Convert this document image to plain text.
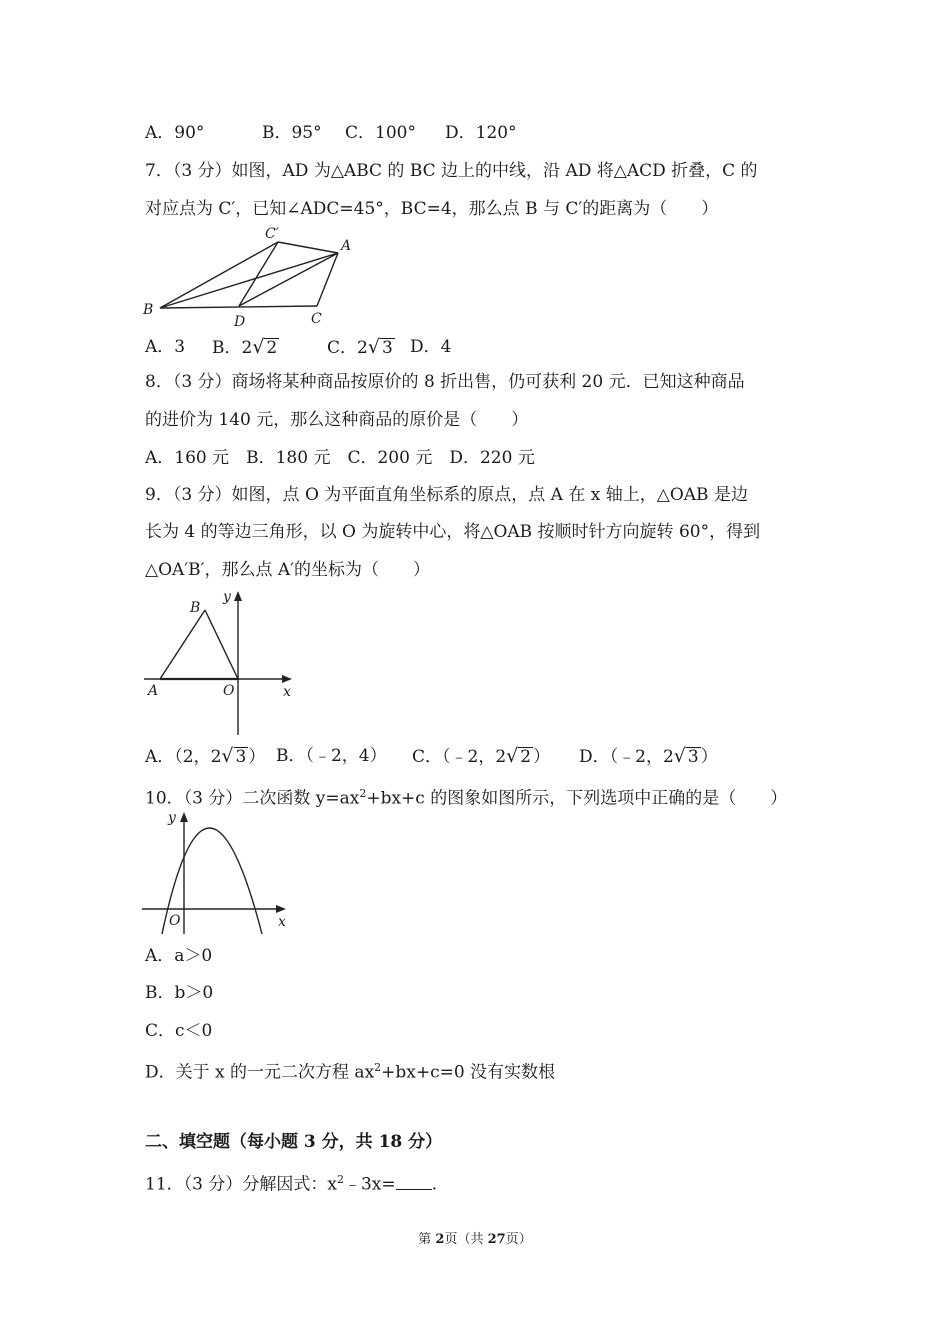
A．90°	B．95° C．100° D．120°
7．（3 分）如图，AD 为△ABC 的 BC 边上的中线，沿 AD 将△ACD 折叠，C 的
对应点为 C′，已知∠ADC=45°，BC=4，那么点 B 与 C′的距离为（　　）
C′
A
B
D	C
A．3 B．2√ 2	C．2√ 3 D．4
8．（3 分）商场将某种商品按原价的 8 折出售，仍可获利 20 元．已知这种商品
的进价为 140 元，那么这种商品的原价是（　　）
A．160 元　B．180 元　C．200 元　D．220 元
9．（3 分）如图，点 O 为平面直角坐标系的原点，点 A 在 x 轴上，△OAB 是边
长为 4 的等边三角形，以 O 为旋转中心，将△OAB 按顺时针方向旋转 60°，得到
△OA′B′，那么点 A′的坐标为（　　）
B
y
A	O	x
A．（2，2√ 3 ） B．（﹣2，4） C．（﹣2，2√ 2 ） D．（﹣2，2√ 3 ）
10．（3 分）二次函数 $y=ax^2+bx+c$ 的图象如图所示，下列选项中正确的是（　　）
y
O	x
A．a＞0
B．b＞0
C．c＜0
D．关于 x 的一元二次方程 $ax^2+bx+c=0$ 没有实数根
二、填空题（每小题 3 分，共 18 分）
11．（3 分）分解因式：$x^2﹣3x=$ .
第 2页（共 27页）
